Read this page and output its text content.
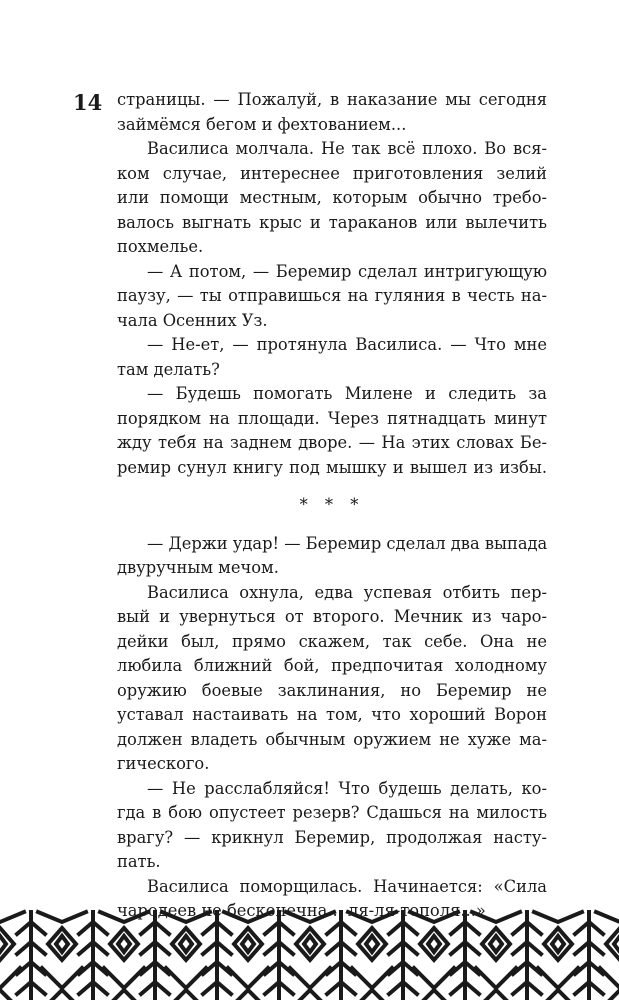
14 страницы. — Пожалуй, в наказание мы сегодня
займёмся бегом и фехтованием...
Василиса молчала. Не так всё плохо. Во вся-
ком случае, интереснее приготовления зелий
или помощи местным, которым обычно требо-
валось выгнать крыс и тараканов или вылечить
похмелье.
— А потом, — Беремир сделал интригующую
паузу, — ты отправишься на гуляния в честь на-
чала Осенних Уз.
— Не-ет, — протянула Василиса. — Что мне
там делать?
— Будешь помогать Милене и следить за
порядком на площади. Через пятнадцать минут
жду тебя на заднем дворе. — На этих словах Бе-
ремир сунул книгу под мышку и вышел из избы.
* * *
— Держи удар! — Беремир сделал два выпада
двуручным мечом.
Василиса охнула, едва успевая отбить пер-
вый и увернуться от второго. Мечник из чаро-
дейки был, прямо скажем, так себе. Она не
любила ближний бой, предпочитая холодному
оружию боевые заклинания, но Беремир не
уставал настаивать на том, что хороший Ворон
должен владеть обычным оружием не хуже ма-
гического.
— Не расслабляйся! Что будешь делать, ко-
гда в бою опустеет резерв? Сдашься на милость
врагу? — крикнул Беремир, продолжая насту-
пать.
Василиса поморщилась. Начинается: «Сила
чародеев не бесконечна... ля-ля-тополя...»
